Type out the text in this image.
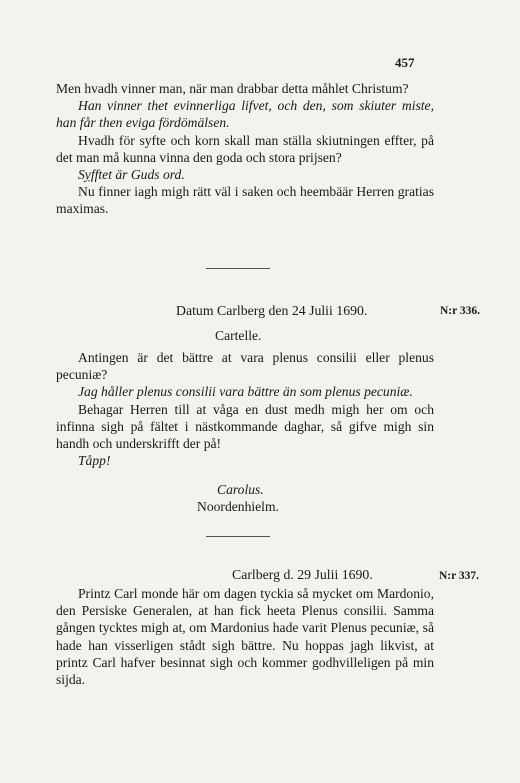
457

Men hvadh vinner man, när man drabbar detta måhlet Christum?

Han vinner thet evinnerliga lifvet, och den, som skiuter miste, han får then eviga fördömälsen.

Hvadh för syfte och korn skall man ställa skiutningen effter, på det man må kunna vinna den goda och stora prijsen?

Sỵfftet är Guds ord.

Nu finner iagh migh rätt väl i saken och heembäär Herren gratias maximas.

Datum Carlberg den 24 Julii 1690.	N:r 336.
Cartelle.

Antingen är det bättre at vara plenus consilii eller plenus pecuniæ?

Jag håller plenus consilii vara bättre än som plenus pecuniæ.

Behagar Herren till at våga en dust medh migh her om och infinna sigh på fältet i nästkommande daghar, så gifve migh sin handh och underskrifft der på!

Tåpp!

Carolus.
Noordenhielm.
Carlberg d. 29 Julii 1690.	N:r 337.

Printz Carl monde här om dagen tyckia så mycket om Mardonio, den Persiske Generalen, at han fick heeta Plenus consilii. Samma gången tycktes migh at, om Mardonius hade varit Plenus pecuniæ, så hade han visserligen stådt sigh bättre. Nu hoppas jagh likvist, at printz Carl hafver besinnat sigh och kommer godhvilleligen på min sijda.
